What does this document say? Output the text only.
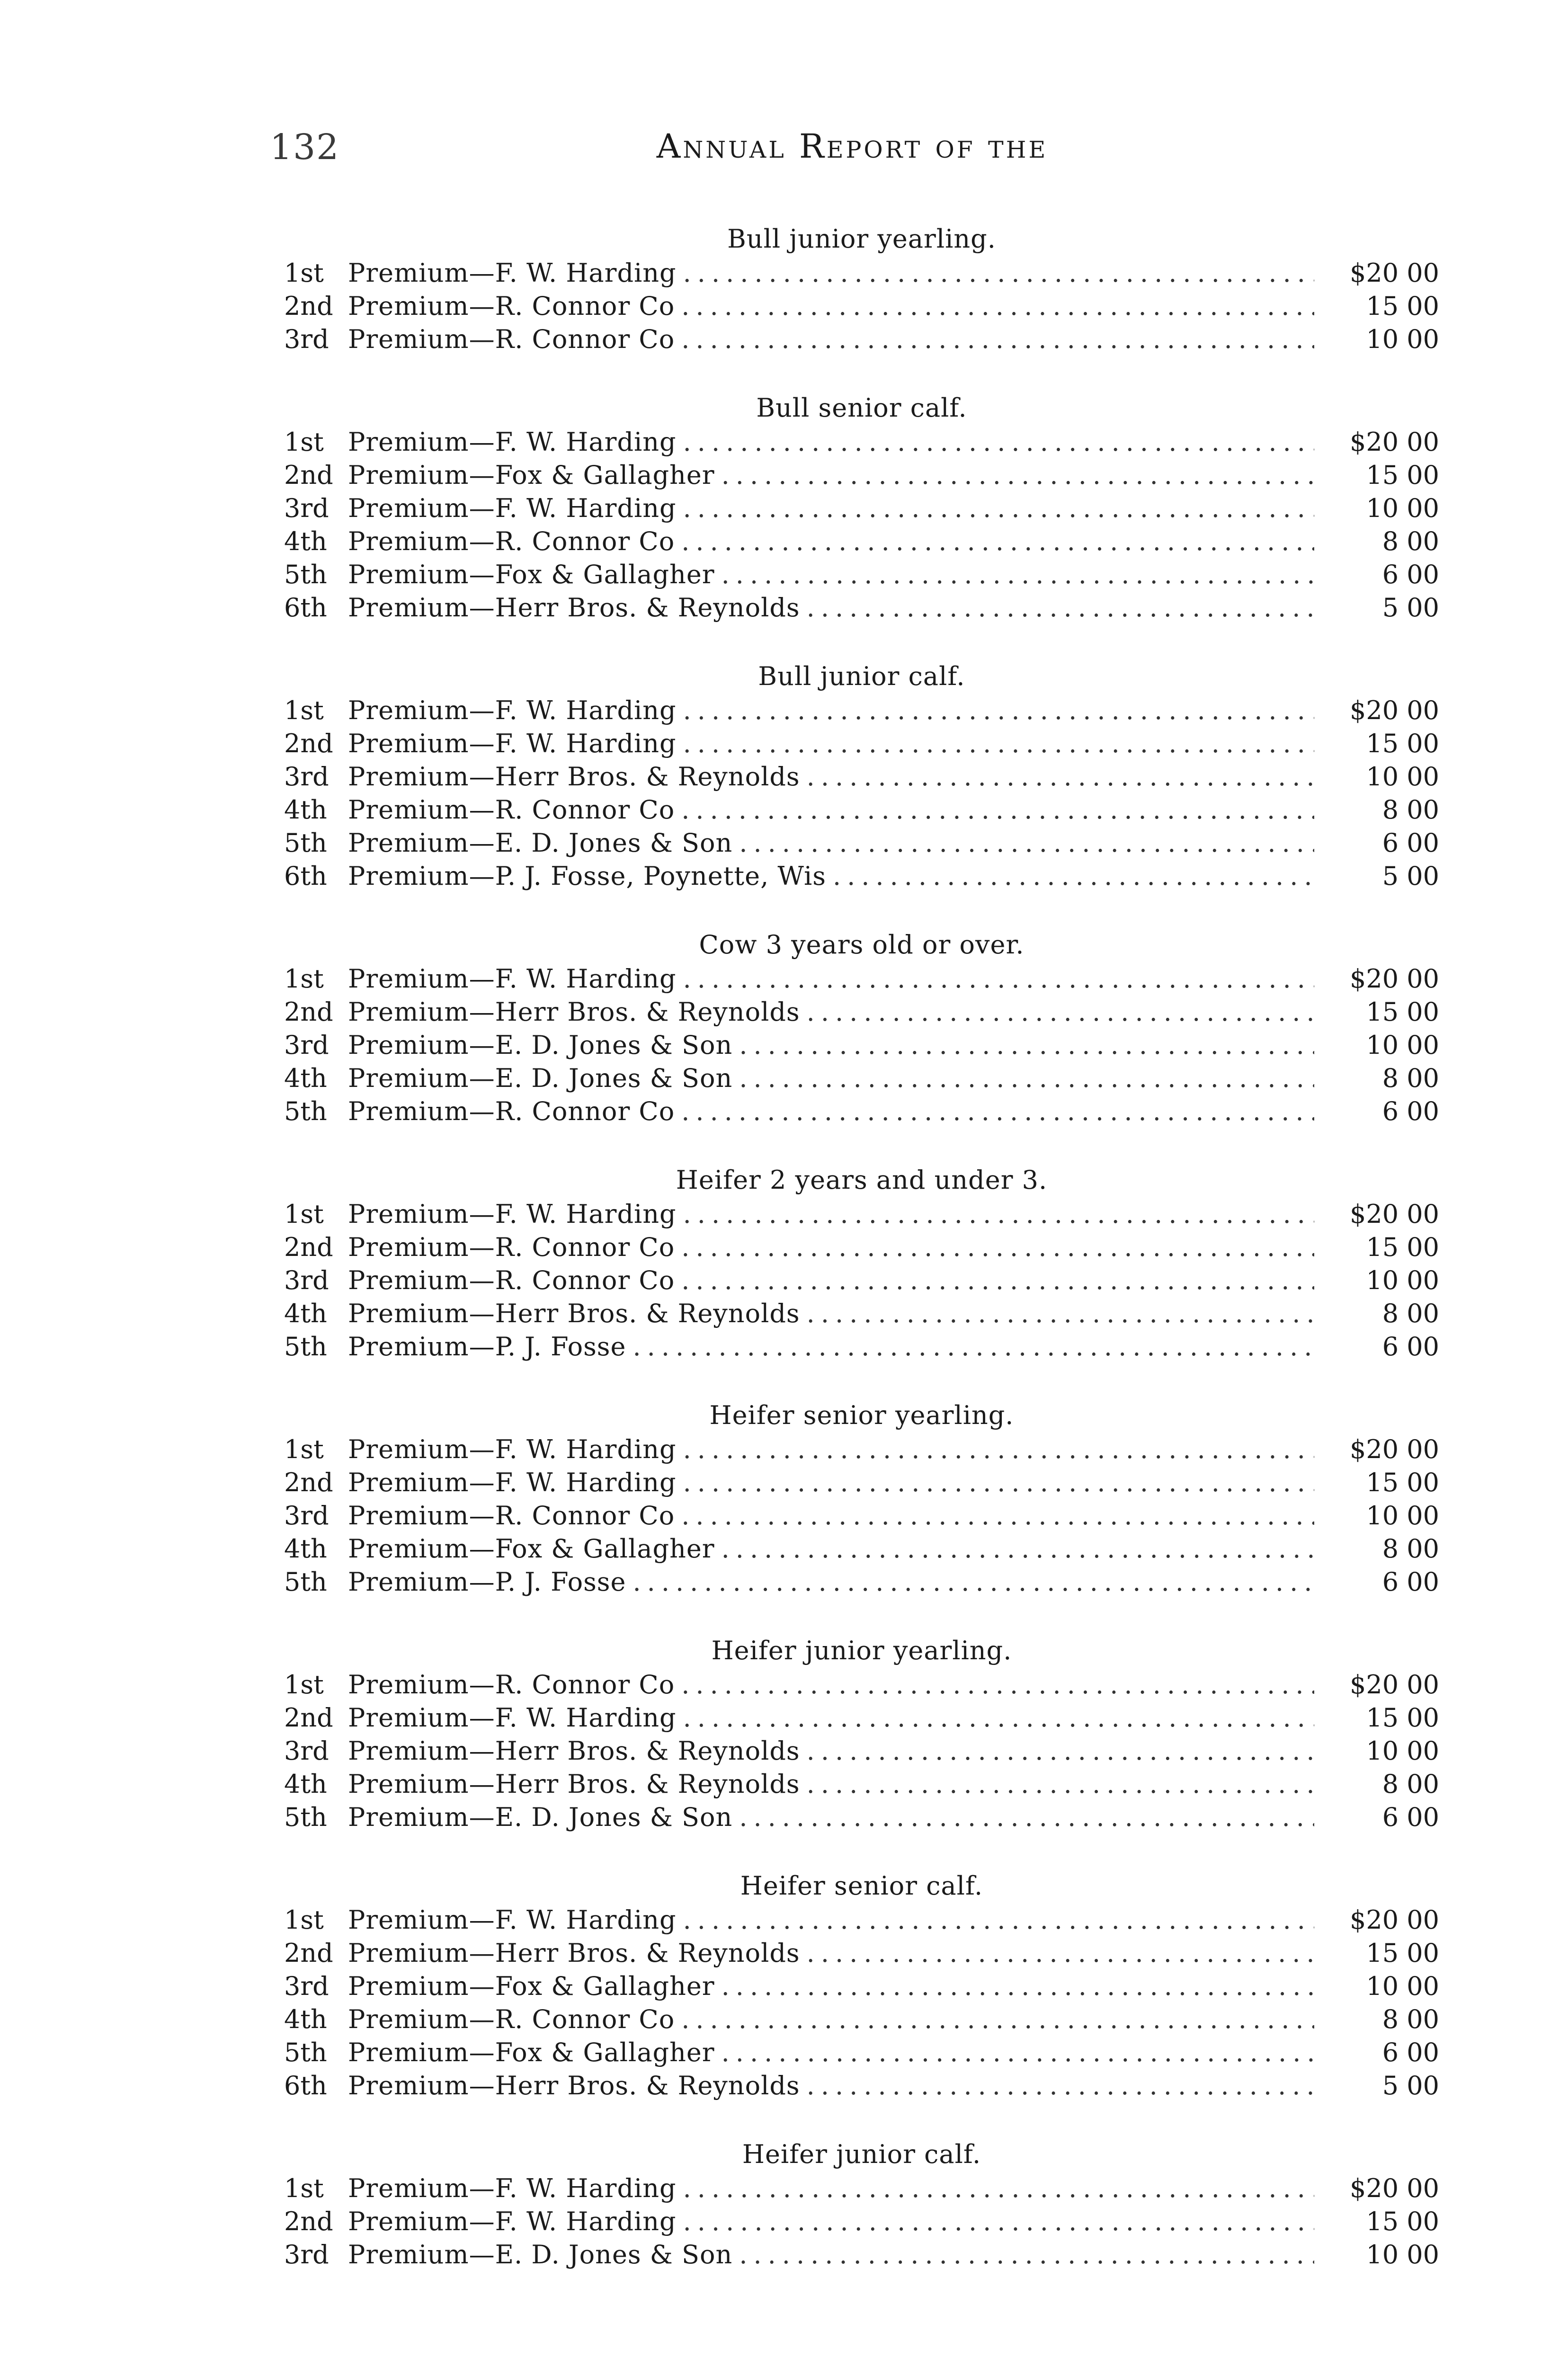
132	Annual Report of the
Bull junior yearling.
1st Premium—F. W. Harding .....	$20 00
2nd Premium—R. Connor Co .....	15 00
3rd Premium—R. Connor Co .....	10 00
Bull senior calf.
1st Premium—F. W. Harding .....	$20 00
2nd Premium—Fox & Gallagher .....	15 00
3rd Premium—F. W. Harding .....	10 00
4th Premium—R. Connor Co .....	8 00
5th Premium—Fox & Gallagher .....	6 00
6th Premium—Herr Bros. & Reynolds .....	5 00
Bull junior calf.
1st Premium—F. W. Harding .....	$20 00
2nd Premium—F. W. Harding .....	15 00
3rd Premium—Herr Bros. & Reynolds .....	10 00
4th Premium—R. Connor Co .....	8 00
5th Premium—E. D. Jones & Son .....	6 00
6th Premium—P. J. Fosse, Poynette, Wis .....	5 00
Cow 3 years old or over.
1st Premium—F. W. Harding .....	$20 00
2nd Premium—Herr Bros. & Reynolds .....	15 00
3rd Premium—E. D. Jones & Son .....	10 00
4th Premium—E. D. Jones & Son .....	8 00
5th Premium—R. Connor Co .....	6 00
Heifer 2 years and under 3.
1st Premium—F. W. Harding .....	$20 00
2nd Premium—R. Connor Co .....	15 00
3rd Premium—R. Connor Co .....	10 00
4th Premium—Herr Bros. & Reynolds .....	8 00
5th Premium—P. J. Fosse .....	6 00
Heifer senior yearling.
1st Premium—F. W. Harding .....	$20 00
2nd Premium—F. W. Harding .....	15 00
3rd Premium—R. Connor Co .....	10 00
4th Premium—Fox & Gallagher .....	8 00
5th Premium—P. J. Fosse .....	6 00
Heifer junior yearling.
1st Premium—R. Connor Co .....	$20 00
2nd Premium—F. W. Harding .....	15 00
3rd Premium—Herr Bros. & Reynolds .....	10 00
4th Premium—Herr Bros. & Reynolds .....	8 00
5th Premium—E. D. Jones & Son .....	6 00
Heifer senior calf.
1st Premium—F. W. Harding .....	$20 00
2nd Premium—Herr Bros. & Reynolds .....	15 00
3rd Premium—Fox & Gallagher .....	10 00
4th Premium—R. Connor Co .....	8 00
5th Premium—Fox & Gallagher .....	6 00
6th Premium—Herr Bros. & Reynolds .....	5 00
Heifer junior calf.
1st Premium—F. W. Harding .....	$20 00
2nd Premium—F. W. Harding .....	15 00
3rd Premium—E. D. Jones & Son .....	10 00
